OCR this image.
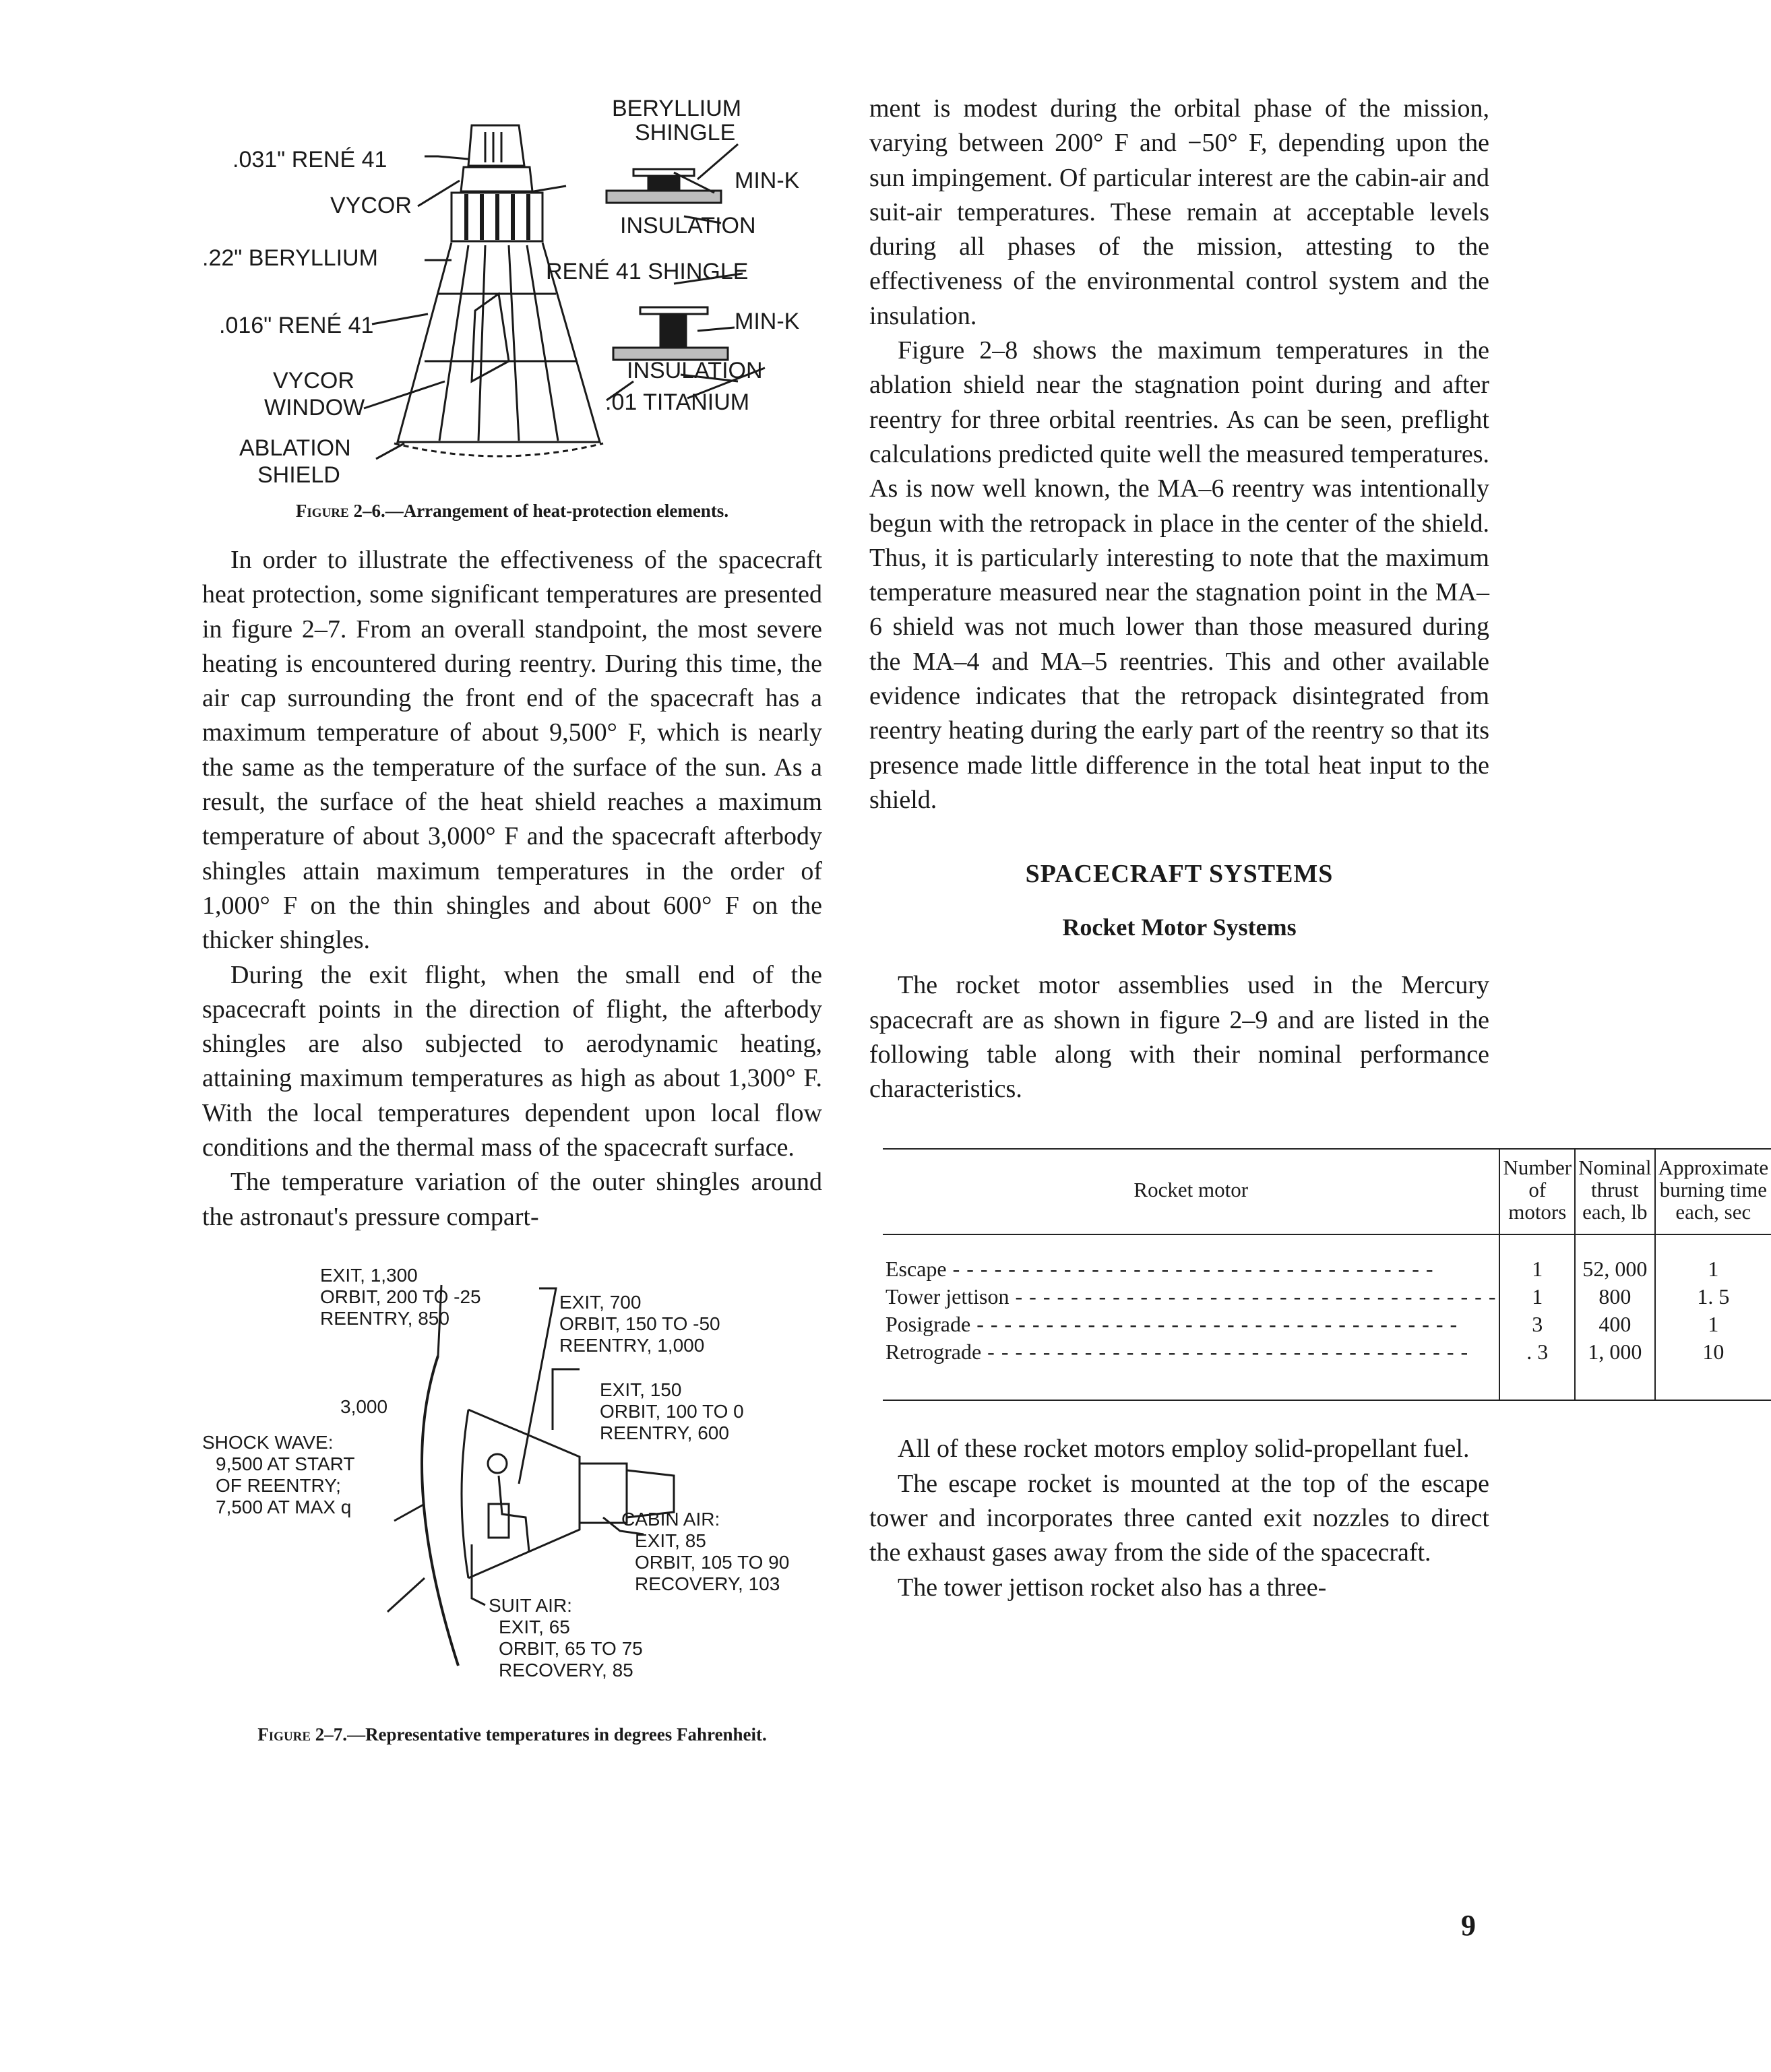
BERYLLIUM
SHINGLE
.031" RENÉ 41
VYCOR
.22" BERYLLIUM
.016" RENÉ 41
VYCOR
WINDOW
ABLATION
SHIELD
MIN-K
INSULATION
RENÉ 41 SHINGLE
MIN-K
INSULATION
.01 TITANIUM

Figure 2–6.—Arrangement of heat-protection elements.

In order to illustrate the effectiveness of the spacecraft heat protection, some significant temperatures are presented in figure 2–7. From an overall standpoint, the most severe heating is encountered during reentry. During this time, the air cap surrounding the front end of the spacecraft has a maximum temperature of about 9,500° F, which is nearly the same as the temperature of the surface of the sun. As a result, the surface of the heat shield reaches a maximum temperature of about 3,000° F and the spacecraft afterbody shingles attain maximum temperatures in the order of 1,000° F on the thin shingles and about 600° F on the thicker shingles.

During the exit flight, when the small end of the spacecraft points in the direction of flight, the afterbody shingles are also subjected to aerodynamic heating, attaining maximum temperatures as high as about 1,300° F. With the local temperatures dependent upon local flow conditions and the thermal mass of the spacecraft surface.

The temperature variation of the outer shingles around the astronaut's pressure compart-

EXIT, 1,300
ORBIT, 200 TO -25
REENTRY, 850
EXIT, 700
ORBIT, 150 TO -50
REENTRY, 1,000
EXIT, 150
ORBIT, 100 TO 0
REENTRY, 600
3,000
SHOCK WAVE:
9,500 AT START
OF REENTRY;
7,500 AT MAX q
CABIN AIR:
EXIT, 85
ORBIT, 105 TO 90
RECOVERY, 103
SUIT AIR:
EXIT, 65
ORBIT, 65 TO 75
RECOVERY, 85

Figure 2–7.—Representative temperatures in degrees Fahrenheit.

ment is modest during the orbital phase of the mission, varying between 200° F and −50° F, depending upon the sun impingement. Of particular interest are the cabin-air and suit-air temperatures. These remain at acceptable levels during all phases of the mission, attesting to the effectiveness of the environmental control system and the insulation.

Figure 2–8 shows the maximum temperatures in the ablation shield near the stagnation point during and after reentry for three orbital reentries. As can be seen, preflight calculations predicted quite well the measured temperatures. As is now well known, the MA–6 reentry was intentionally begun with the retropack in place in the center of the shield. Thus, it is particularly interesting to note that the maximum temperature measured near the stagnation point in the MA–6 shield was not much lower than those measured during the MA–4 and MA–5 reentries. This and other available evidence indicates that the retropack disintegrated from reentry heating during the early part of the reentry so that its presence made little difference in the total heat input to the shield.

SPACECRAFT SYSTEMS
Rocket Motor Systems

The rocket motor assemblies used in the Mercury spacecraft are as shown in figure 2–9 and are listed in the following table along with their nominal performance characteristics.

Rocket motor	Number of motors	Nominal thrust each, lb	Approximate burning time each, sec

Escape - - -	1	52, 000	1
Tower jettison - - -	1	800	1. 5
Posigrade - - -	3	400	1
Retrograde - - -	. 3	1, 000	10

All of these rocket motors employ solid-propellant fuel.

The escape rocket is mounted at the top of the escape tower and incorporates three canted exit nozzles to direct the exhaust gases away from the side of the spacecraft.

The tower jettison rocket also has a three-

9
